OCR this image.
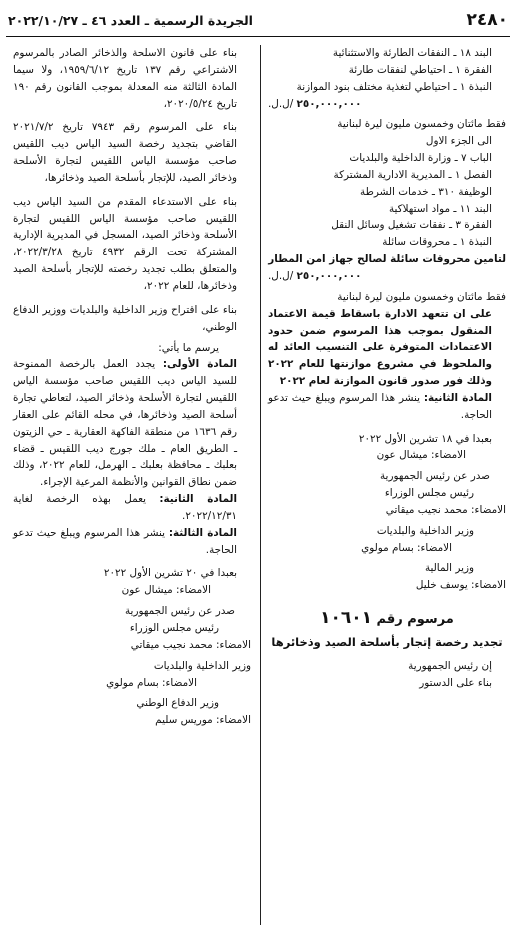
٢٤٨٠
الجريدة الرسمية ـ العدد ٤٦ ـ ٢٠٢٢/١٠/٢٧

البند ١٨ ـ النفقات الطارئة والاستثنائية

الفقرة ١ ـ احتياطي لنفقات طارئة

النبذة ١ ـ احتياطي لتغذية مختلف بنود الموازنة

٢٥٠,٠٠٠,٠٠٠ /ل.ل.

فقط مائتان وخمسون مليون ليرة لبنانية

الى الجزء الاول

الباب ٧ ـ وزارة الداخلية والبلديات

الفصل ١ ـ المديرية الادارية المشتركة

الوظيفة ٣١٠ ـ خدمات الشرطة

البند ١١ ـ مواد استهلاكية

الفقرة ٣ ـ نفقات تشغيل وسائل النقل

النبذة ١ ـ محروقات سائلة

لتامين محروقات سائلة لصالح جهاز امن المطار

٢٥٠,٠٠٠,٠٠٠ /ل.ل.

فقط مائتان وخمسون مليون ليرة لبنانية

على ان تتعهد الادارة باسقاط قيمة الاعتماد المنقول بموجب هذا المرسوم ضمن حدود الاعتمادات المتوفرة على التنسيب العائد له والملحوظ في مشروع موازنتها للعام ٢٠٢٢ وذلك فور صدور قانون الموازنة لعام ٢٠٢٢

المادة الثانية: ينشر هذا المرسوم ويبلغ حيث تدعو الحاجة.

بعبدا في ١٨ تشرين الأول ٢٠٢٢

الامضاء: ميشال عون

صدر عن رئيس الجمهورية

رئيس مجلس الوزراء

الامضاء: محمد نجيب ميقاتي

وزير الداخلية والبلديات

الامضاء: بسام مولوي

وزير المالية

الامضاء: يوسف خليل

مرسوم رقم ١٠٦٠١

تجديد رخصة إتجار بأسلحة الصيد وذخائرها

إن رئيس الجمهورية

بناء على الدستور

بناء على قانون الاسلحة والذخائر الصادر بالمرسوم الاشتراعي رقم ١٣٧ تاريخ ١٩٥٩/٦/١٢، ولا سيما المادة الثالثة منه المعدلة بموجب القانون رقم ١٩٠ تاريخ ٢٠٢٠/٥/٢٤،

بناء على المرسوم رقم ٧٩٤٣ تاريخ ٢٠٢١/٧/٢ القاضي بتجديد رخصة السيد الياس ديب اللقيس صاحب مؤسسة الياس اللقيس لتجارة الأسلحة وذخائر الصيد، للإتجار بأسلحة الصيد وذخائرها،

بناء على الاستدعاء المقدم من السيد الياس ديب اللقيس صاحب مؤسسة الياس اللقيس لتجارة الأسلحة وذخائر الصيد، المسجل في المديرية الإدارية المشتركة تحت الرقم ٤٩٣٢ تاريخ ٢٠٢٢/٣/٢٨، والمتعلق بطلب تجديد رخصته للإتجار بأسلحة الصيد وذخائرها، للعام ٢٠٢٢،

بناء على اقتراح وزير الداخلية والبلديات ووزير الدفاع الوطني،

يرسم ما يأتي:

المادة الأولى: يجدد العمل بالرخصة الممنوحة للسيد الياس ديب اللقيس صاحب مؤسسة الياس اللقيس لتجارة الأسلحة وذخائر الصيد، لتعاطي تجارة أسلحة الصيد وذخائرها، في محله القائم على العقار رقم ١٦٣٦ من منطقة الفاكهة العقارية ـ حي الزيتون ـ الطريق العام ـ ملك جورج ديب اللقيس ـ قضاء بعلبك ـ محافظة بعلبك ـ الهرمل، للعام ٢٠٢٢، وذلك ضمن نطاق القوانين والأنظمة المرعية الإجراء.

المادة الثانية: يعمل بهذه الرخصة لغاية ٢٠٢٢/١٢/٣١.

المادة الثالثة: ينشر هذا المرسوم ويبلغ حيث تدعو الحاجة.

بعبدا في ٢٠ تشرين الأول ٢٠٢٢

الامضاء: ميشال عون

صدر عن رئيس الجمهورية

رئيس مجلس الوزراء

الامضاء: محمد نجيب ميقاتي

وزير الداخلية والبلديات

الامضاء: بسام مولوي

وزير الدفاع الوطني

الامضاء: موريس سليم
